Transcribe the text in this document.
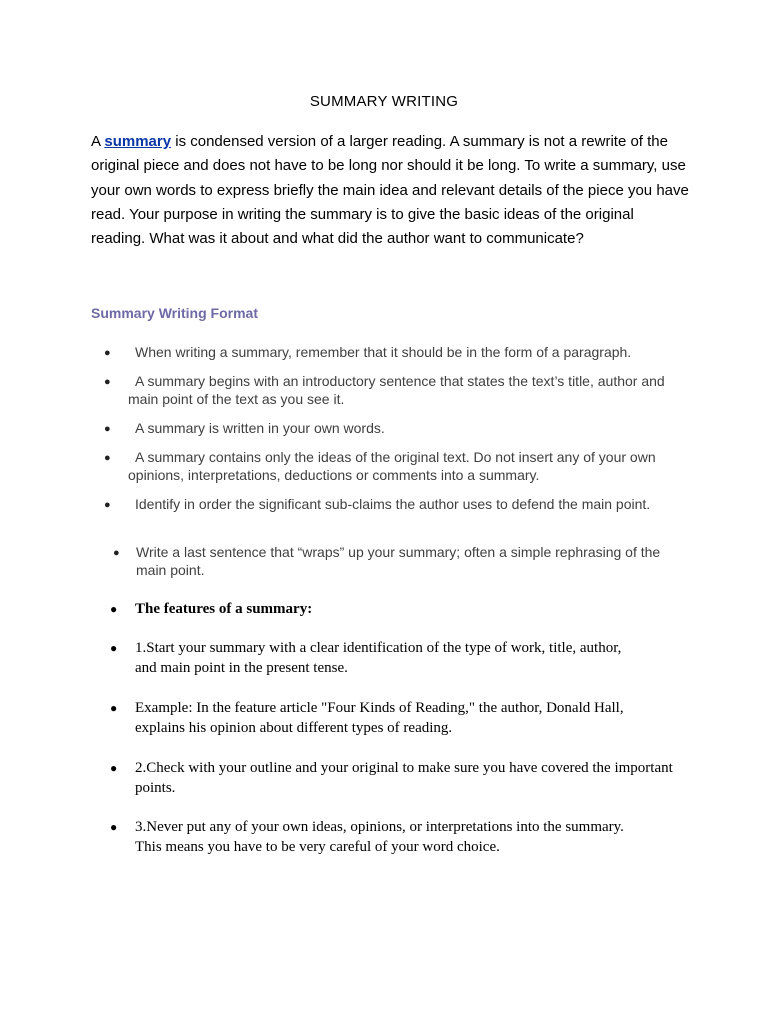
SUMMARY WRITING
A summary is condensed version of a larger reading. A summary is not a rewrite of the original piece and does not have to be long nor should it be long. To write a summary, use your own words to express briefly the main idea and relevant details of the piece you have read. Your purpose in writing the summary is to give the basic ideas of the original reading. What was it about and what did the author want to communicate?
Summary Writing Format
● When writing a summary, remember that it should be in the form of a paragraph.
●	A summary begins with an introductory sentence that states the text’s title, author and main point of the text as you see it.
● A summary is written in your own words.
●	A summary contains only the ideas of the original text. Do not insert any of your own opinions, interpretations, deductions or comments into a summary.
●	Identify in order the significant sub-claims the author uses to defend the main point.
● Write a last sentence that “wraps” up your summary; often a simple rephrasing of the main point.
● The features of a summary:
● 1.Start your summary with a clear identification of the type of work, title, author, and main point in the present tense.
● Example: In the feature article "Four Kinds of Reading," the author, Donald Hall, explains his opinion about different types of reading.
● 2.Check with your outline and your original to make sure you have covered the important points.
● 3.Never put any of your own ideas, opinions, or interpretations into the summary. This means you have to be very careful of your word choice.
